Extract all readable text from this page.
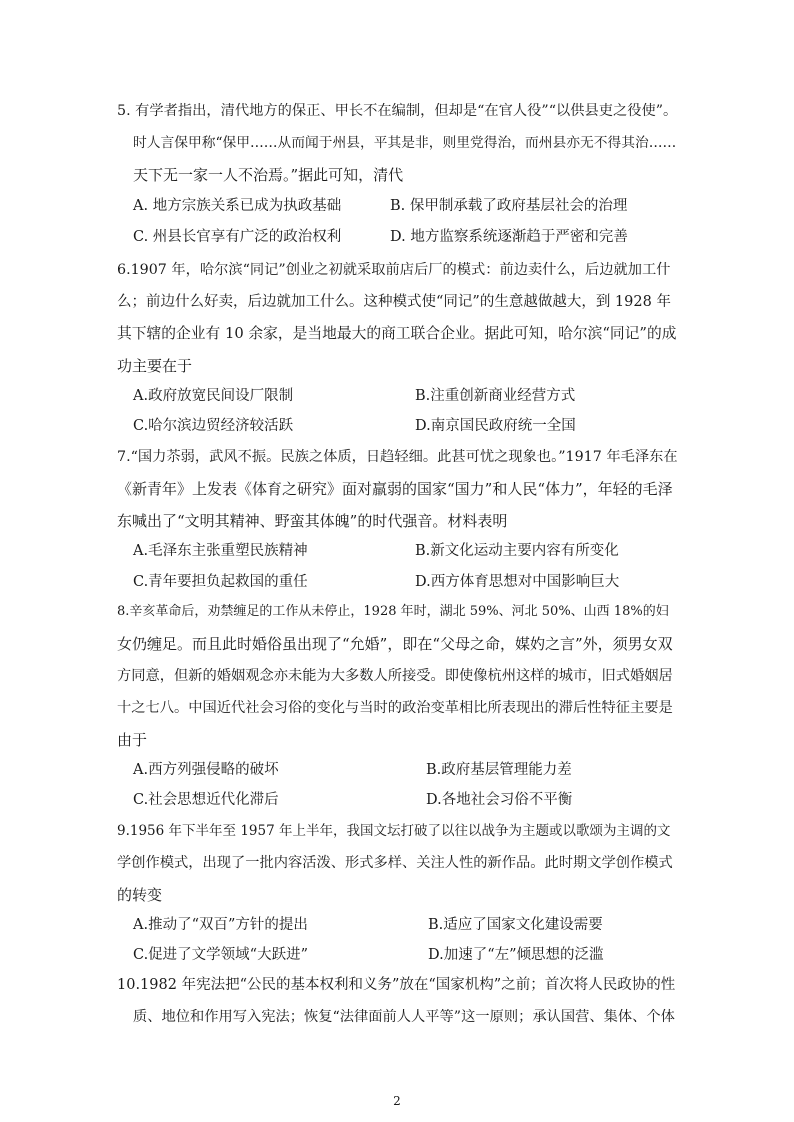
5. 有学者指出，清代地方的保正、甲长不在编制，但却是“在官人役”“以供县吏之役使”。
时人言保甲称“保甲……从而闻于州县，平其是非，则里党得治，而州县亦无不得其治……
天下无一家一人不治焉。”据此可知，清代
A. 地方宗族关系已成为执政基础	B. 保甲制承载了政府基层社会的治理
C. 州县长官享有广泛的政治权利	D. 地方监察系统逐渐趋于严密和完善
6.1907 年，哈尔滨“同记”创业之初就采取前店后厂的模式：前边卖什么，后边就加工什
么；前边什么好卖，后边就加工什么。这种模式使“同记”的生意越做越大，到 1928 年
其下辖的企业有 10 余家，是当地最大的商工联合企业。据此可知，哈尔滨“同记”的成
功主要在于
A.政府放宽民间设厂限制	B.注重创新商业经营方式
C.哈尔滨边贸经济较活跃	D.南京国民政府统一全国
7.“国力苶弱，武风不振。民族之体质，日趋轻细。此甚可忧之现象也。”1917 年毛泽东在
《新青年》上发表《体育之研究》面对羸弱的国家“国力”和人民“体力”，年轻的毛泽
东喊出了“文明其精神、野蛮其体魄”的时代强音。材料表明
A.毛泽东主张重塑民族精神	B.新文化运动主要内容有所变化
C.青年要担负起救国的重任	D.西方体育思想对中国影响巨大
8.辛亥革命后，劝禁缠足的工作从未停止，1928 年时，湖北 59%、河北 50%、山西 18%的妇
女仍缠足。而且此时婚俗虽出现了“允婚”，即在“父母之命，媒妁之言”外，须男女双
方同意，但新的婚姻观念亦未能为大多数人所接受。即使像杭州这样的城市，旧式婚姻居
十之七八。中国近代社会习俗的变化与当时的政治变革相比所表现出的滞后性特征主要是
由于
A.西方列强侵略的破坏	B.政府基层管理能力差
C.社会思想近代化滞后	D.各地社会习俗不平衡
9.1956 年下半年至 1957 年上半年，我国文坛打破了以往以战争为主题或以歌颂为主调的文
学创作模式，出现了一批内容活泼、形式多样、关注人性的新作品。此时期文学创作模式
的转变
A.推动了“双百”方针的提出	B.适应了国家文化建设需要
C.促进了文学领域“大跃进”	D.加速了“左”倾思想的泛滥
10.1982 年宪法把“公民的基本权利和义务”放在“国家机构”之前；首次将人民政协的性
质、地位和作用写入宪法；恢复“法律面前人人平等”这一原则；承认国营、集体、个体
2
